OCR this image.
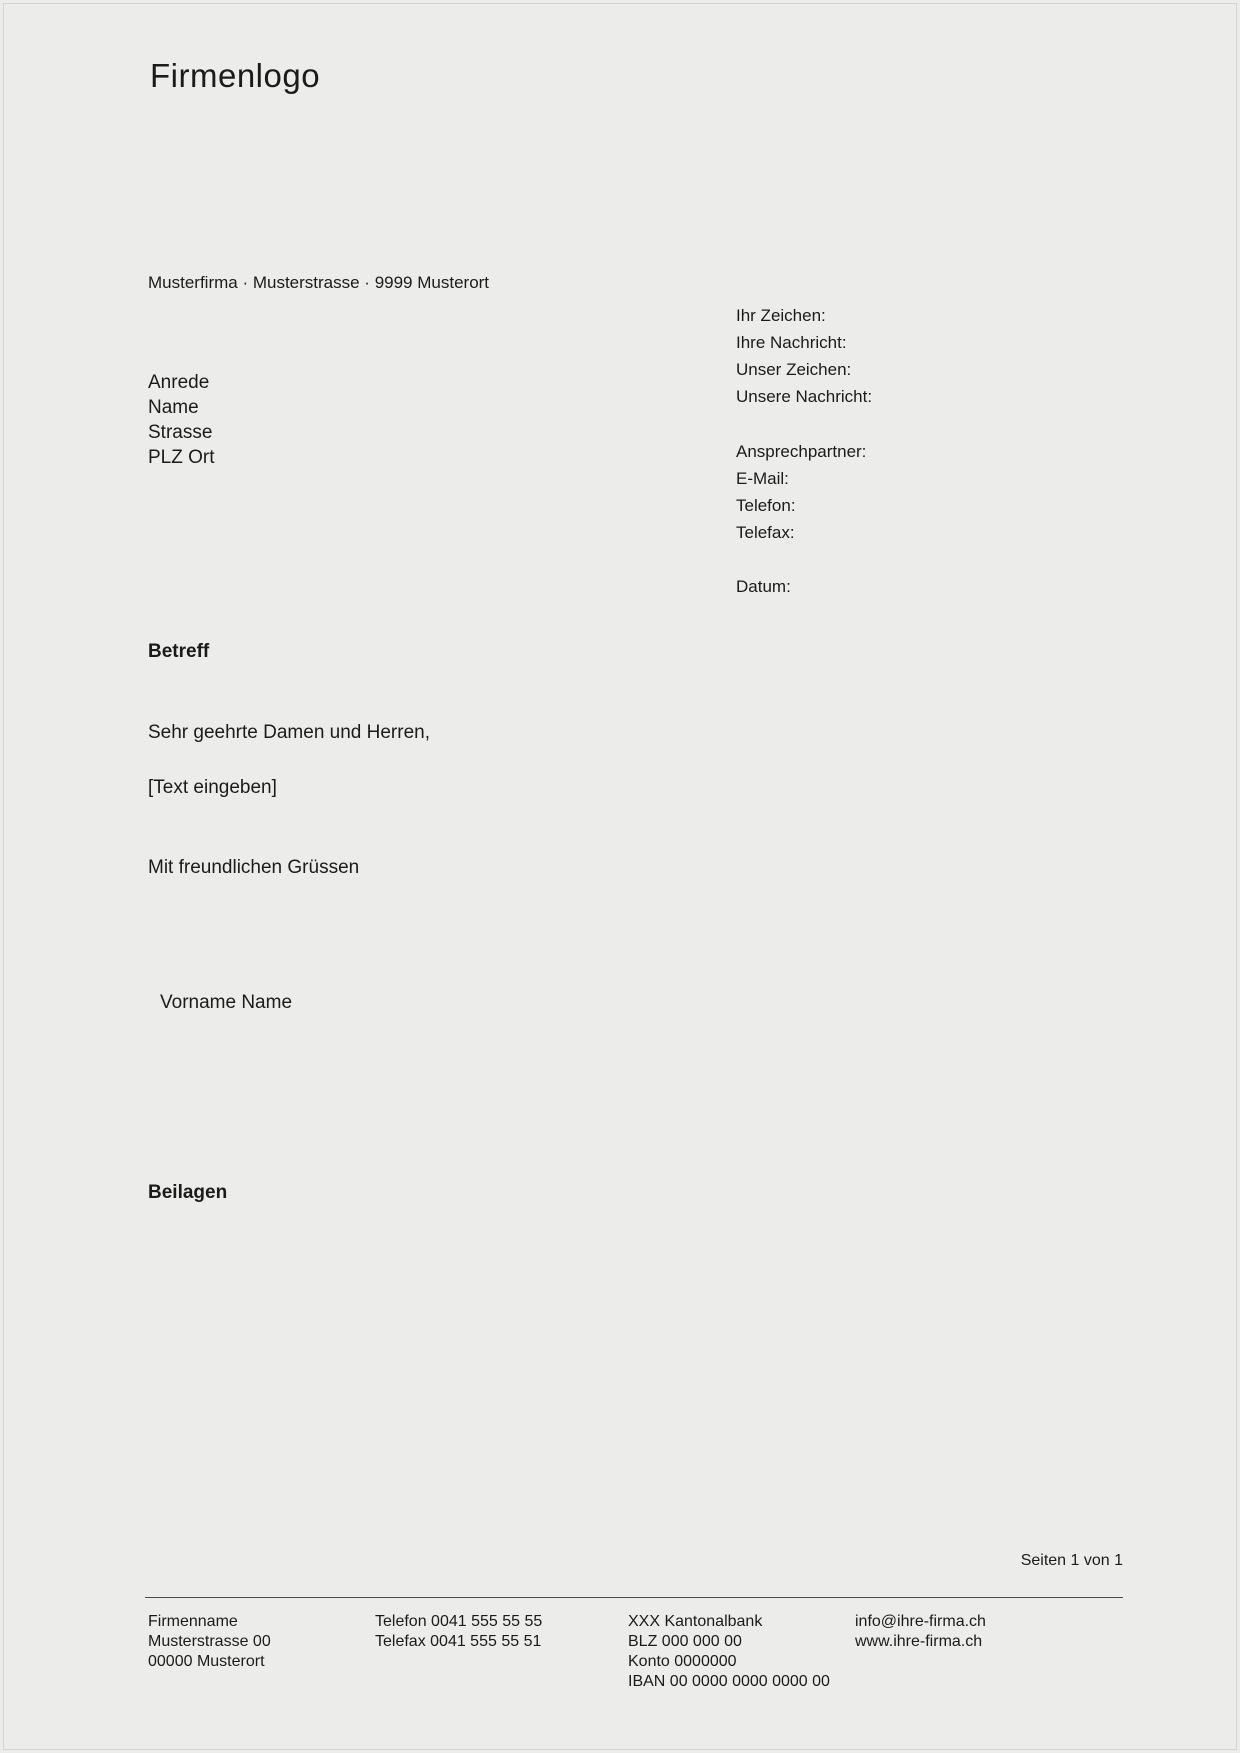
Firmenlogo
Musterfirma · Musterstrasse · 9999 Musterort
Anrede
Name
Strasse
PLZ Ort
Ihr Zeichen:
Ihre Nachricht:
Unser Zeichen:
Unsere Nachricht:
Ansprechpartner:
E-Mail:
Telefon:
Telefax:
Datum:
Betreff
Sehr geehrte Damen und Herren,
[Text eingeben]
Mit freundlichen Grüssen
Vorname Name
Beilagen
Seiten 1 von 1
Firmenname
Musterstrasse 00
00000 Musterort
Telefon 0041 555 55 55
Telefax 0041 555 55 51
XXX Kantonalbank
BLZ 000 000 00
Konto 0000000
IBAN 00 0000 0000 0000 00
info@ihre-firma.ch
www.ihre-firma.ch
